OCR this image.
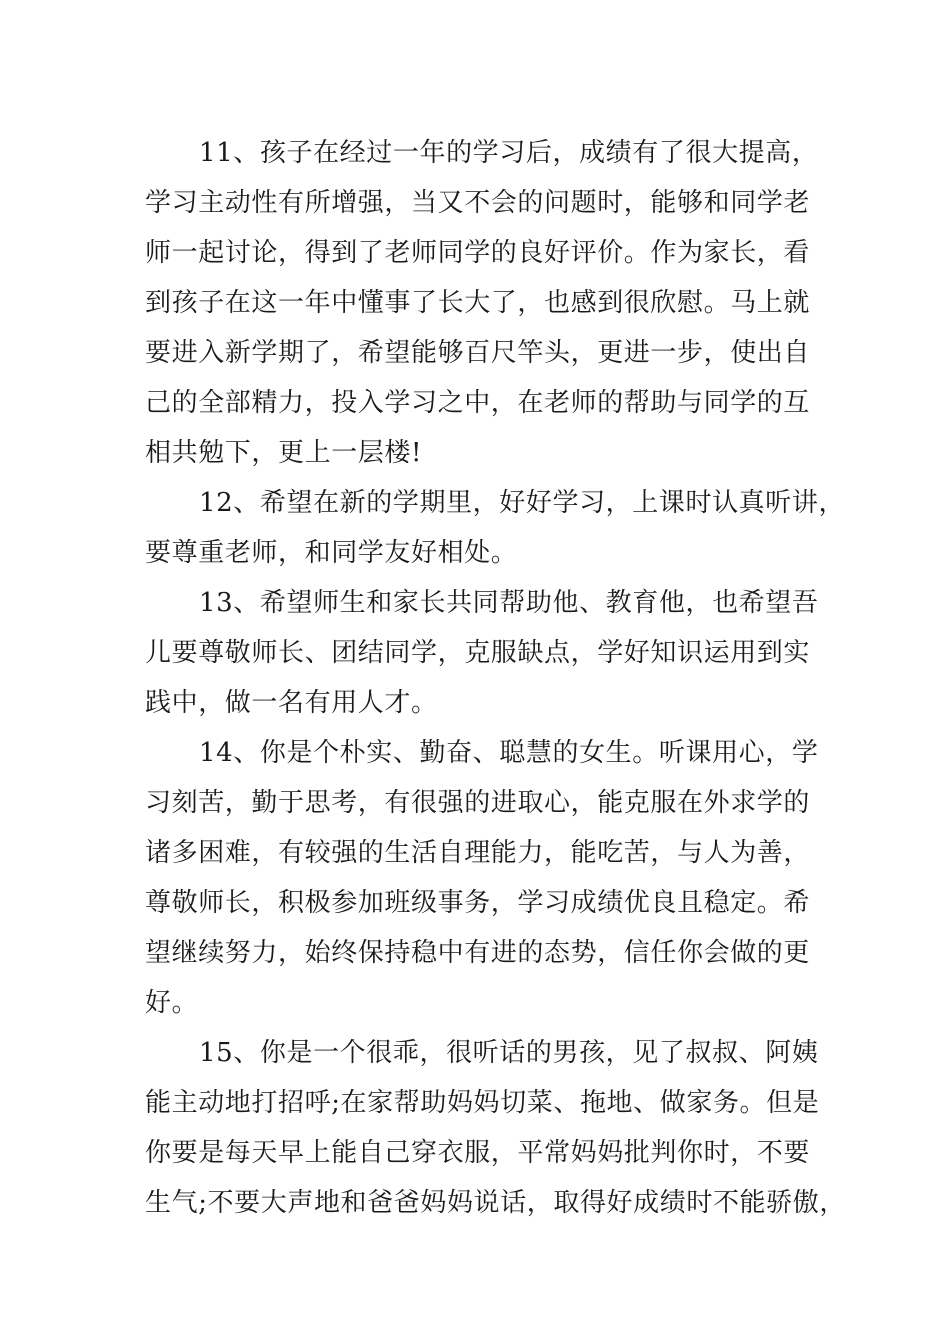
11、孩子在经过一年的学习后，成绩有了很大提高，
学习主动性有所增强，当又不会的问题时，能够和同学老
师一起讨论，得到了老师同学的良好评价。作为家长，看
到孩子在这一年中懂事了长大了，也感到很欣慰。马上就
要进入新学期了，希望能够百尺竿头，更进一步，使出自
己的全部精力，投入学习之中，在老师的帮助与同学的互
相共勉下，更上一层楼!
12、希望在新的学期里，好好学习，上课时认真听讲，
要尊重老师，和同学友好相处。
13、希望师生和家长共同帮助他、教育他，也希望吾
儿要尊敬师长、团结同学，克服缺点，学好知识运用到实
践中，做一名有用人才。
14、你是个朴实、勤奋、聪慧的女生。听课用心，学
习刻苦，勤于思考，有很强的进取心，能克服在外求学的
诸多困难，有较强的生活自理能力，能吃苦，与人为善，
尊敬师长，积极参加班级事务，学习成绩优良且稳定。希
望继续努力，始终保持稳中有进的态势，信任你会做的更
好。
15、你是一个很乖，很听话的男孩，见了叔叔、阿姨
能主动地打招呼;在家帮助妈妈切菜、拖地、做家务。但是
你要是每天早上能自己穿衣服，平常妈妈批判你时，不要
生气;不要大声地和爸爸妈妈说话，取得好成绩时不能骄傲，
